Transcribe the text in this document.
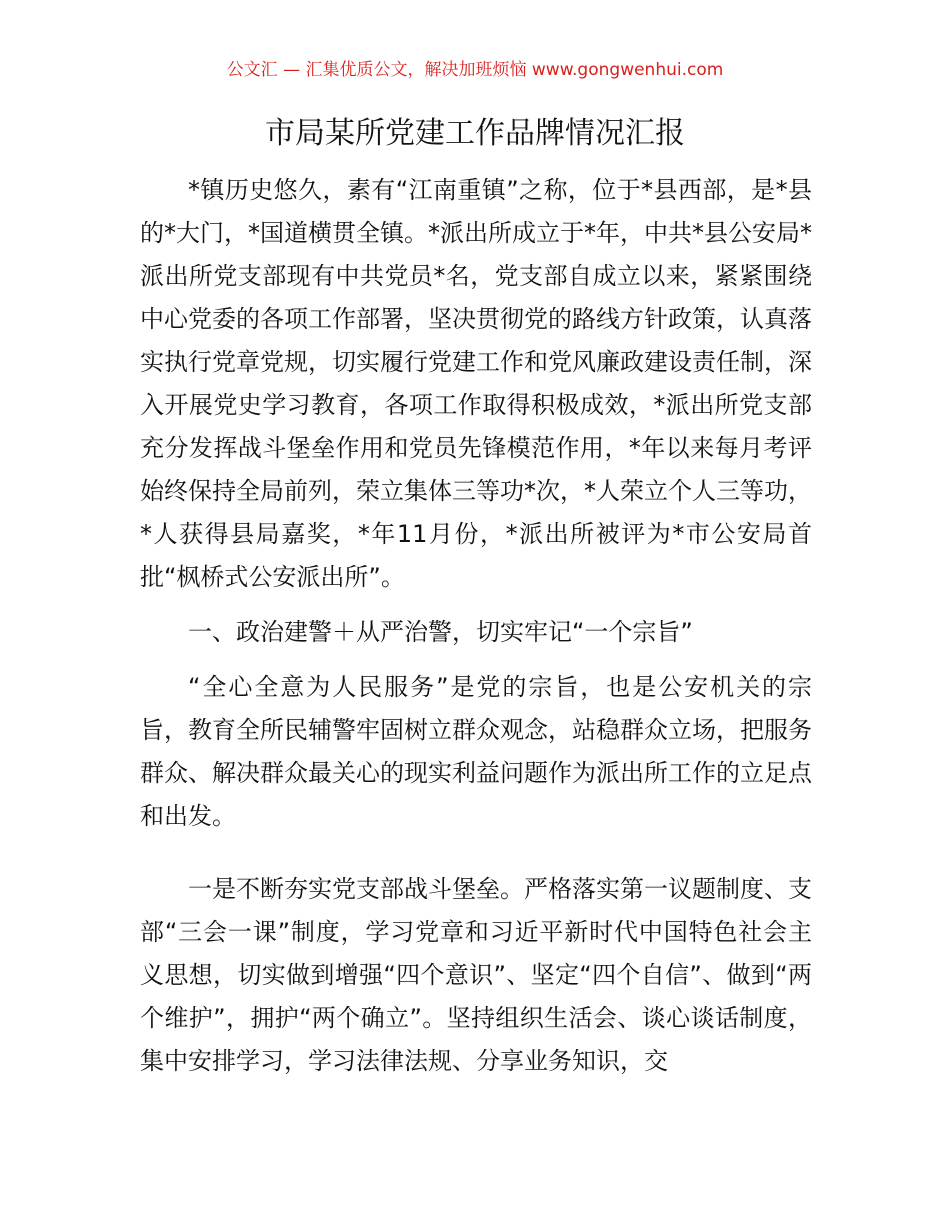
公文汇 — 汇集优质公文，解决加班烦恼 www.gongwenhui.com
市局某所党建工作品牌情况汇报

*镇历史悠久，素有“江南重镇”之称，位于*县西部，是*县的*大门，*国道横贯全镇。*派出所成立于*年，中共*县公安局*派出所党支部现有中共党员*名，党支部自成立以来，紧紧围绕中心党委的各项工作部署，坚决贯彻党的路线方针政策，认真落实执行党章党规，切实履行党建工作和党风廉政建设责任制，深入开展党史学习教育，各项工作取得积极成效，*派出所党支部充分发挥战斗堡垒作用和党员先锋模范作用，*年以来每月考评始终保持全局前列，荣立集体三等功*次，*人荣立个人三等功，*人获得县局嘉奖，*年11月份，*派出所被评为*市公安局首批“枫桥式公安派出所”。

一、政治建警＋从严治警，切实牢记“一个宗旨”

“全心全意为人民服务”是党的宗旨，也是公安机关的宗旨，教育全所民辅警牢固树立群众观念，站稳群众立场，把服务群众、解决群众最关心的现实利益问题作为派出所工作的立足点和出发。

一是不断夯实党支部战斗堡垒。严格落实第一议题制度、支部“三会一课”制度，学习党章和习近平新时代中国特色社会主义思想，切实做到增强“四个意识”、坚定“四个自信”、做到“两个维护”，拥护“两个确立”。坚持组织生活会、谈心谈话制度，集中安排学习，学习法律法规、分享业务知识，交
